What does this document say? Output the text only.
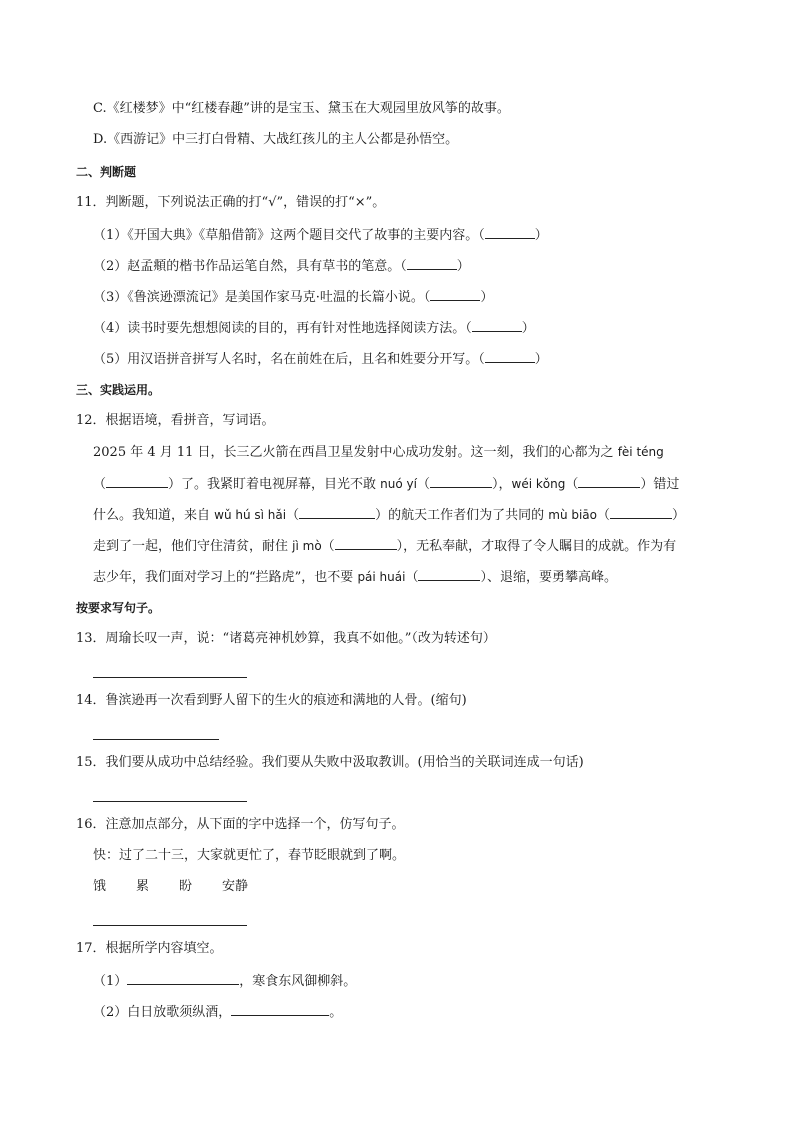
C.《红楼梦》中“红楼春趣”讲的是宝玉、黛玉在大观园里放风筝的故事。
D.《西游记》中三打白骨精、大战红孩儿的主人公都是孙悟空。
二、判断题
11．判断题，下列说法正确的打“√”，错误的打“×”。
（1）《开国大典》《草船借箭》这两个题目交代了故事的主要内容。（	）
（2）赵孟頫的楷书作品运笔自然，具有草书的笔意。（	）
（3）《鲁滨逊漂流记》是美国作家马克·吐温的长篇小说。（	）
（4）读书时要先想想阅读的目的，再有针对性地选择阅读方法。（	）
（5）用汉语拼音拼写人名时，名在前姓在后，且名和姓要分开写。（	）
三、实践运用。
12．根据语境，看拼音，写词语。
2025 年 4 月 11 日，长三乙火箭在西昌卫星发射中心成功发射。这一刻，我们的心都为之 fèi téng
（	）了。我紧盯着电视屏幕，目光不敢 nuó yí（	），wéi kǒng（	）错过
什么。我知道，来自 wǔ hú sì hǎi（	）的航天工作者们为了共同的 mù biāo（	）
走到了一起，他们守住清贫，耐住 jì mò（	），无私奉献，才取得了令人瞩目的成就。作为有
志少年，我们面对学习上的“拦路虎”，也不要 pái huái（	）、退缩，要勇攀高峰。
按要求写句子。
13．周瑜长叹一声，说：“诸葛亮神机妙算，我真不如他。”（改为转述句）
14．鲁滨逊再一次看到野人留下的生火的痕迹和满地的人骨。(缩句)
15．我们要从成功中总结经验。我们要从失败中汲取教训。(用恰当的关联词连成一句话)
16．注意加点部分，从下面的字中选择一个，仿写句子。
快：过了二十三，大家就更忙了，春节眨眼就到了啊。
饿 累 盼 安静
17．根据所学内容填空。
（1）	，寒食东风御柳斜。
（2）白日放歌须纵酒，	。
